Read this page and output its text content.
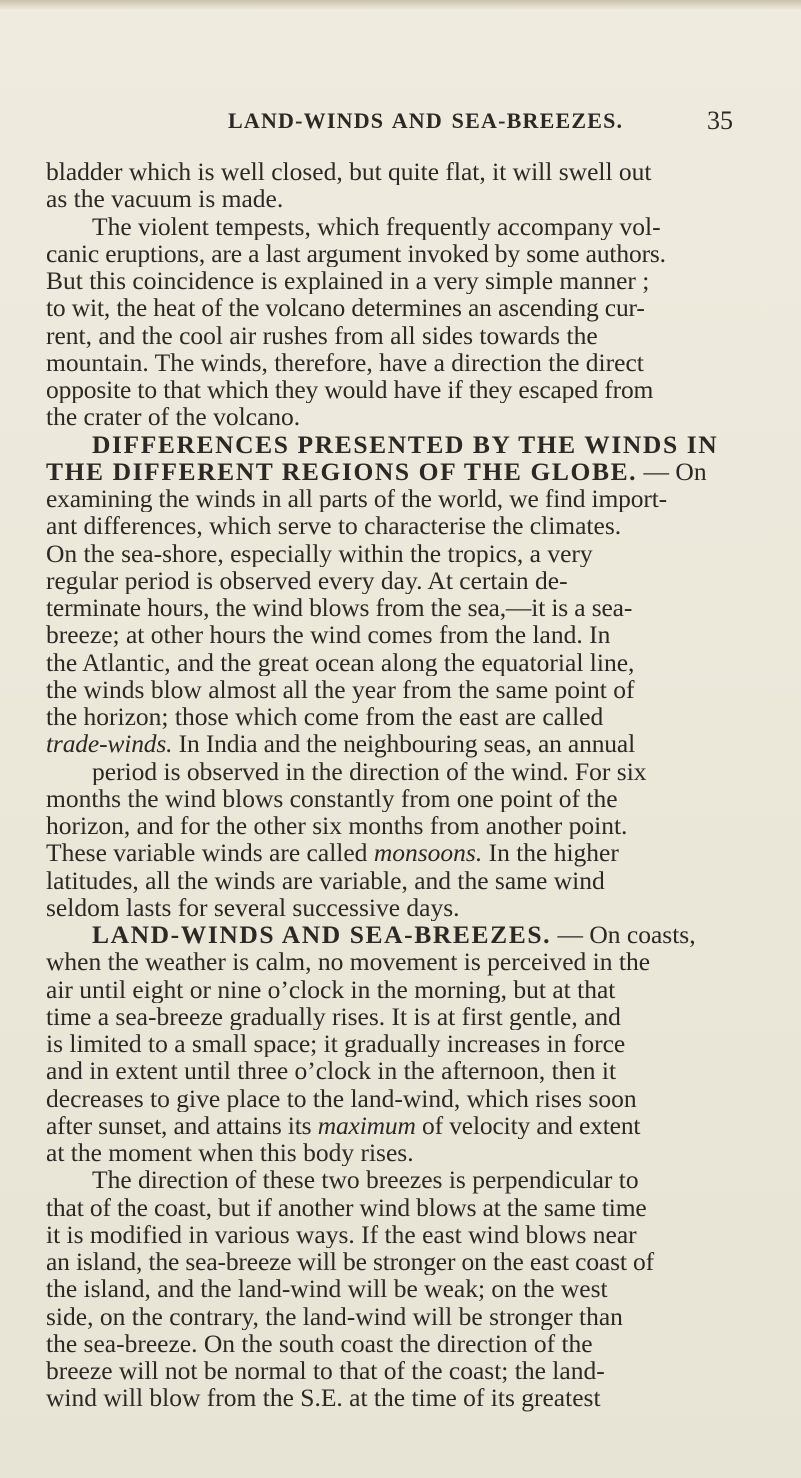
LAND-WINDS AND SEA-BREEZES.	35
bladder which is well closed, but quite flat, it will swell out
as the vacuum is made.
The violent tempests, which frequently accompany vol-
canic eruptions, are a last argument invoked by some authors.
But this coincidence is explained in a very simple manner ;
to wit, the heat of the volcano determines an ascending cur-
rent, and the cool air rushes from all sides towards the
mountain. The winds, therefore, have a direction the direct
opposite to that which they would have if they escaped from
the crater of the volcano.
DIFFERENCES PRESENTED BY THE WINDS IN
THE DIFFERENT REGIONS OF THE GLOBE. — On
examining the winds in all parts of the world, we find import-
ant differences, which serve to characterise the climates.
On the sea-shore, especially within the tropics, a very
regular period is observed every day. At certain de-
terminate hours, the wind blows from the sea,—it is a sea-
breeze; at other hours the wind comes from the land. In
the Atlantic, and the great ocean along the equatorial line,
the winds blow almost all the year from the same point of
the horizon; those which come from the east are called
trade-winds. In India and the neighbouring seas, an annual
period is observed in the direction of the wind. For six
months the wind blows constantly from one point of the
horizon, and for the other six months from another point.
These variable winds are called monsoons. In the higher
latitudes, all the winds are variable, and the same wind
seldom lasts for several successive days.
LAND-WINDS AND SEA-BREEZES. — On coasts,
when the weather is calm, no movement is perceived in the
air until eight or nine o’clock in the morning, but at that
time a sea-breeze gradually rises. It is at first gentle, and
is limited to a small space; it gradually increases in force
and in extent until three o’clock in the afternoon, then it
decreases to give place to the land-wind, which rises soon
after sunset, and attains its maximum of velocity and extent
at the moment when this body rises.
The direction of these two breezes is perpendicular to
that of the coast, but if another wind blows at the same time
it is modified in various ways. If the east wind blows near
an island, the sea-breeze will be stronger on the east coast of
the island, and the land-wind will be weak; on the west
side, on the contrary, the land-wind will be stronger than
the sea-breeze. On the south coast the direction of the
breeze will not be normal to that of the coast; the land-
wind will blow from the S.E. at the time of its greatest
